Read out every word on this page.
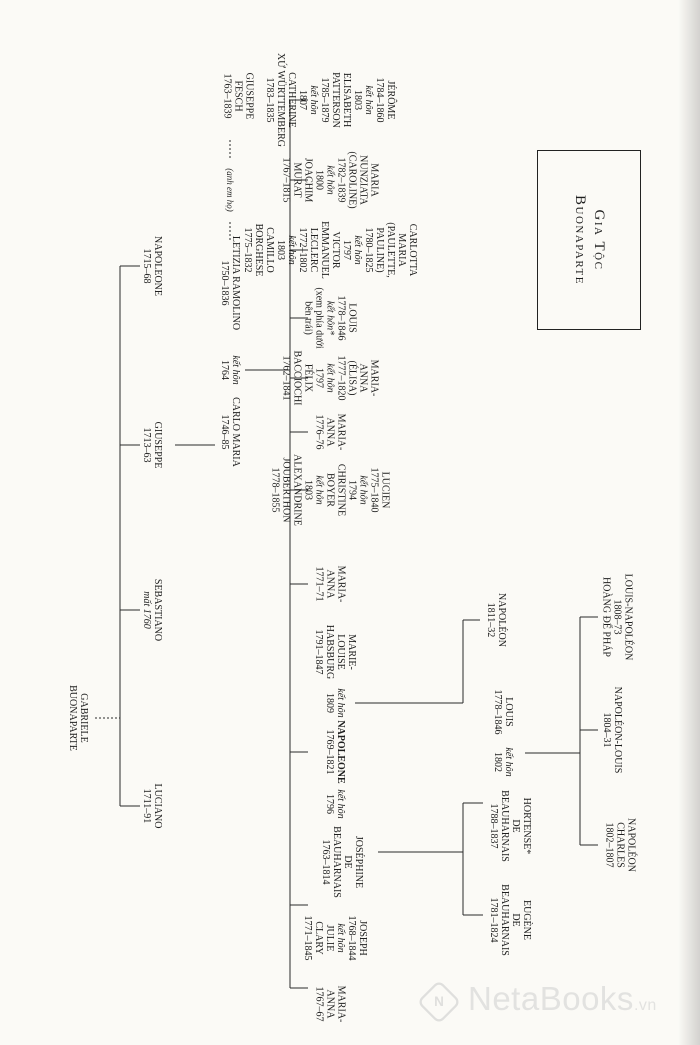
GABRIELE
BUONAPARTE
LUCIANO
1711–91
SEBASTIANO
mất 1760
GIUSEPPE
1713–63
NAPOLEONE
1715–68
CARLO MARIA
1746–85
kết hôn
1764
LETIZIA RAMOLINO
1750–1836
(anh em họ)
GIUSEPPE
FESCH
1763–1839	JÉRÔME
1784–1860
kết hôn
1803
ELISABETH
PATTERSON
1785–1879
kết hôn
1807
CATHERINE
XỨ WÜRTTEMBERG
1783–1835
MARIA
NUNZIATA
(CAROLINE)
1782–1839
kết hôn
1800
JOACHIM
MURAT
1767–1815
CARLOTTA
MARIA
(PAULETTE,
PAULINE)
1780–1825
kết hôn
1797
VICTOR
EMMANUEL
LECLERC
1772–1802
kết hôn
1803
CAMILLO
BORGHESE
1775–1832
LOUIS
1778–1846
kết hôn*
(xem phía dưới
bên trái)
MARIA-
ANNA
(ÉLISA)
1777–1820
kết hôn
1797
FÉLIX
BACCIOCHI
1762–1841
MARIA-
ANNA
1776–76
LUCIEN
1775–1840
kết hôn
1794
CHRISTINE
BOYER
kết hôn
1803
ALEXANDRINE
JOUBERTHON
1778–1855
MARIA-
ANNA
1771–71
MARIE-
LOUISE
HABSBURG
1791–1847
kết hôn
1809
NAPOLEONE
1769–1821
kết hôn
1796
JOSÉPHINE
DE
BEAUHARNAIS
1763–1814
JOSEPH
1768–1844
kết hôn
JULIE
CLARY
1771–1845
MARIA-
ANNA
1767–67
NAPOLÉON
1811–32
LOUIS
1778–1846
kết hôn
1802
HORTENSE*
DE
BEAUHARNAIS
1788–1837
EUGÈNE
DE
BEAUHARNAIS
1781–1824
LOUIS-NAPOLÉON
1808–73
HOÀNG ĐẾ PHÁP
NAPOLÉON-LOUIS
1804–31
NAPOLÉON
CHARLES
1802–1807
Gia Tộc
Buonaparte
N NetaBooks.vn
